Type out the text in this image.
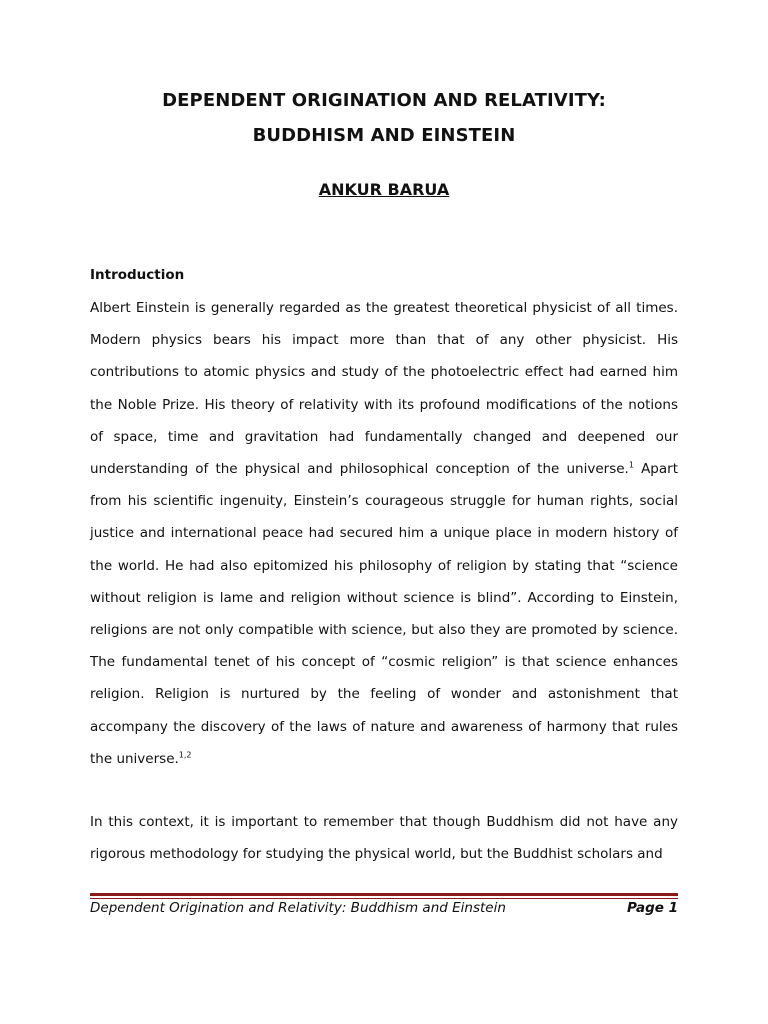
DEPENDENT ORIGINATION AND RELATIVITY:
BUDDHISM AND EINSTEIN
ANKUR BARUA
Introduction

Albert Einstein is generally regarded as the greatest theoretical physicist of all times. Modern physics bears his impact more than that of any other physicist. His contributions to atomic physics and study of the photoelectric effect had earned him the Noble Prize. His theory of relativity with its profound modifications of the notions of space, time and gravitation had fundamentally changed and deepened our understanding of the physical and philosophical conception of the universe.$^1$ Apart from his scientific ingenuity, Einstein’s courageous struggle for human rights, social justice and international peace had secured him a unique place in modern history of the world. He had also epitomized his philosophy of religion by stating that “science without religion is lame and religion without science is blind”. According to Einstein, religions are not only compatible with science, but also they are promoted by science. The fundamental tenet of his concept of “cosmic religion” is that science enhances religion. Religion is nurtured by the feeling of wonder and astonishment that accompany the discovery of the laws of nature and awareness of harmony that rules the universe.$^{1,2}$

In this context, it is important to remember that though Buddhism did not have any rigorous methodology for studying the physical world, but the Buddhist scholars and

Dependent Origination and Relativity: Buddhism and Einstein	Page 1
